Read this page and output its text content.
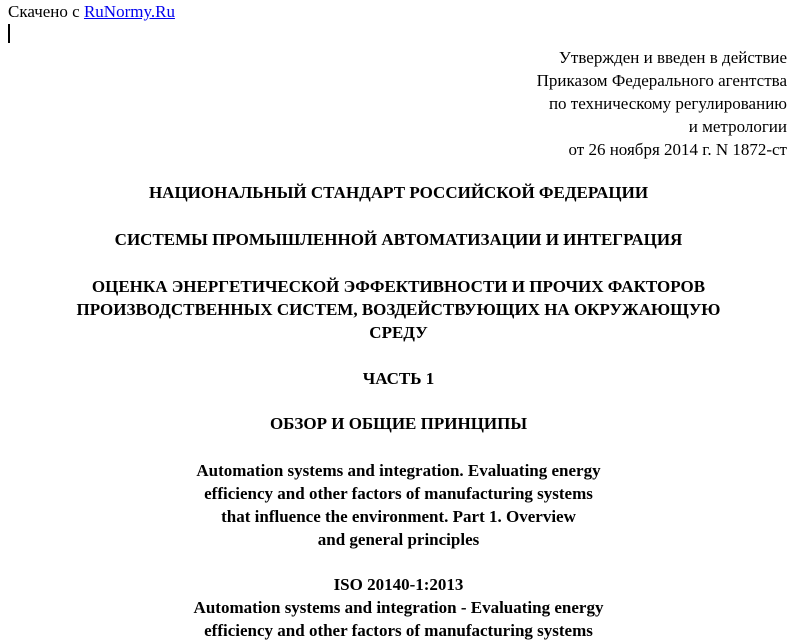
Скачено с RuNormy.Ru
Утвержден и введен в действие
Приказом Федерального агентства
по техническому регулированию
и метрологии
от 26 ноября 2014 г. N 1872-ст
НАЦИОНАЛЬНЫЙ СТАНДАРТ РОССИЙСКОЙ ФЕДЕРАЦИИ
СИСТЕМЫ ПРОМЫШЛЕННОЙ АВТОМАТИЗАЦИИ И ИНТЕГРАЦИЯ
ОЦЕНКА ЭНЕРГЕТИЧЕСКОЙ ЭФФЕКТИВНОСТИ И ПРОЧИХ ФАКТОРОВ
ПРОИЗВОДСТВЕННЫХ СИСТЕМ, ВОЗДЕЙСТВУЮЩИХ НА ОКРУЖАЮЩУЮ
СРЕДУ
ЧАСТЬ 1
ОБЗОР И ОБЩИЕ ПРИНЦИПЫ
Automation systems and integration. Evaluating energy
efficiency and other factors of manufacturing systems
that influence the environment. Part 1. Overview
and general principles
ISO 20140-1:2013
Automation systems and integration - Evaluating energy
efficiency and other factors of manufacturing systems
